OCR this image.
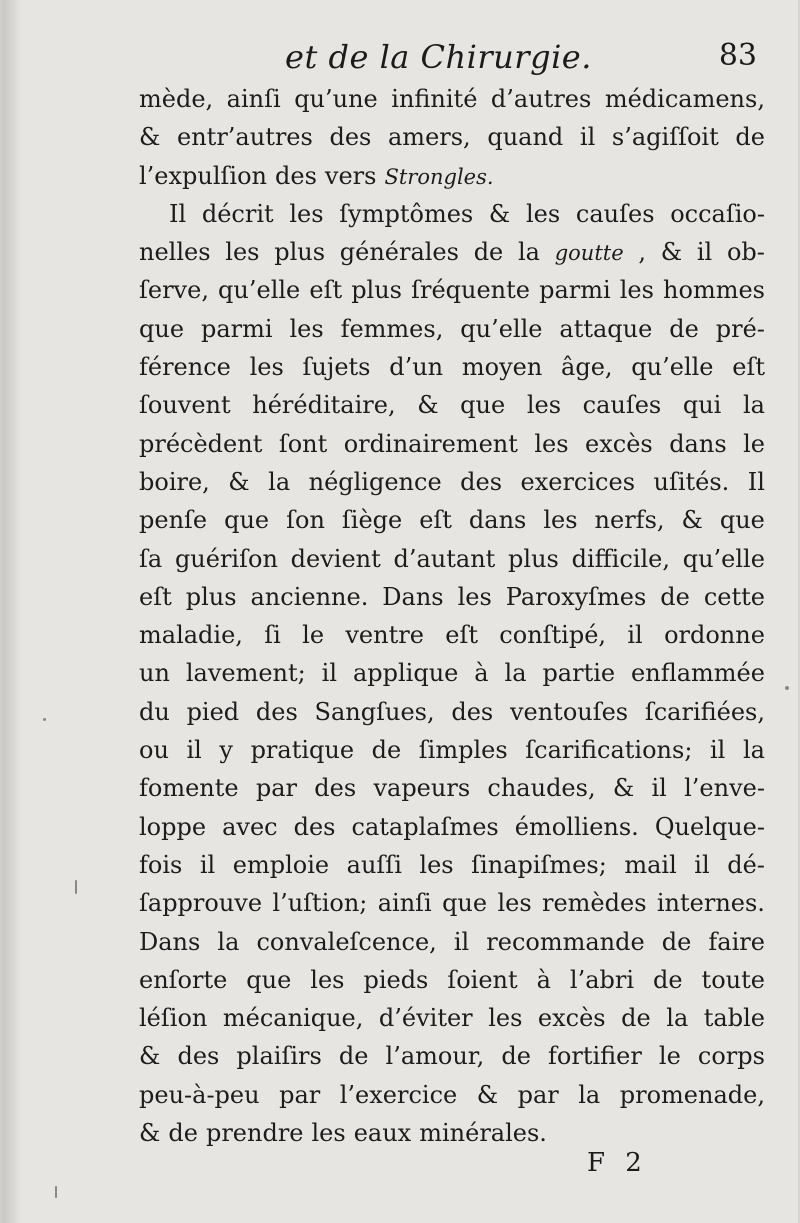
et de la Chirurgie.	83
mède, ainſi qu’une infinité d’autres médicamens,
& entr’autres des amers, quand il s’agiſſoit de
l’expulſion des vers Strongles.
Il décrit les ſymptômes & les cauſes occaſio-
nelles les plus générales de la goutte , & il ob-
ſerve, qu’elle eſt plus ſréquente parmi les hommes
que parmi les femmes, qu’elle attaque de pré-
férence les ſujets d’un moyen âge, qu’elle eſt
ſouvent héréditaire, & que les cauſes qui la
précèdent ſont ordinairement les excès dans le
boire, & la négligence des exercices uſités. Il
penſe que ſon ſiège eſt dans les nerfs, & que
ſa guériſon devient d’autant plus difficile, qu’elle
eſt plus ancienne. Dans les Paroxyſmes de cette
maladie, ſi le ventre eſt conſtipé, il ordonne
un lavement; il applique à la partie enflammée
du pied des Sangſues, des ventouſes ſcarifiées,
ou il y pratique de ſimples ſcarifications; il la
fomente par des vapeurs chaudes, & il l’enve-
loppe avec des cataplaſmes émolliens. Quelque-
fois il emploie auſſi les ſinapiſmes; mail il dé-
ſapprouve l’uſtion; ainſi que les remèdes internes.
Dans la convaleſcence, il recommande de faire
enſorte que les pieds ſoient à l’abri de toute
léſion mécanique, d’éviter les excès de la table
& des plaiſirs de l’amour, de fortifier le corps
peu-à-peu par l’exercice & par la promenade,
& de prendre les eaux minérales.
F 2
